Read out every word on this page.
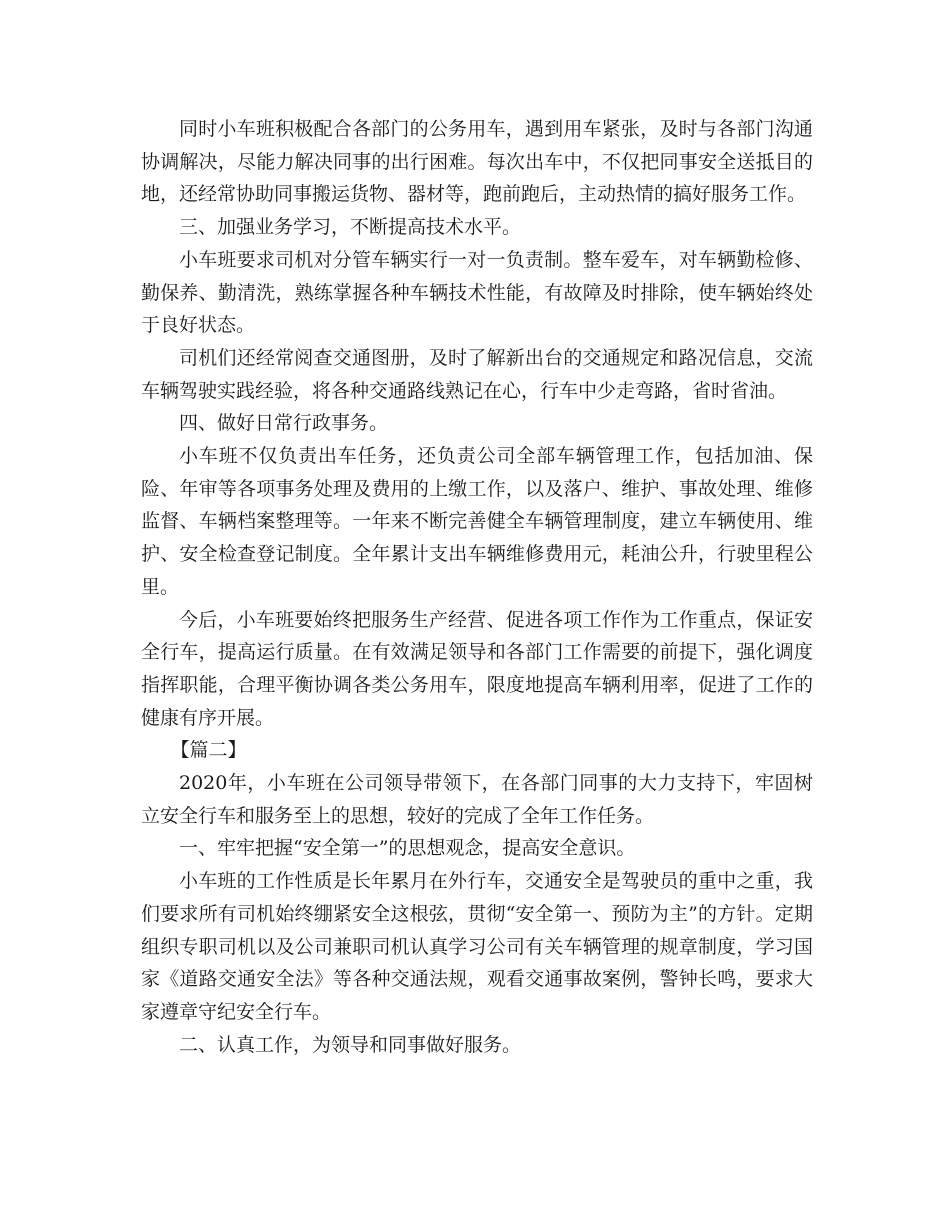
同时小车班积极配合各部门的公务用车，遇到用车紧张，及时与各部门沟通协调解决，尽能力解决同事的出行困难。每次出车中，不仅把同事安全送抵目的地，还经常协助同事搬运货物、器材等，跑前跑后，主动热情的搞好服务工作。

三、加强业务学习，不断提高技术水平。

小车班要求司机对分管车辆实行一对一负责制。整车爱车，对车辆勤检修、勤保养、勤清洗，熟练掌握各种车辆技术性能，有故障及时排除，使车辆始终处于良好状态。

司机们还经常阅查交通图册，及时了解新出台的交通规定和路况信息，交流车辆驾驶实践经验，将各种交通路线熟记在心，行车中少走弯路，省时省油。

四、做好日常行政事务。

小车班不仅负责出车任务，还负责公司全部车辆管理工作，包括加油、保险、年审等各项事务处理及费用的上缴工作，以及落户、维护、事故处理、维修监督、车辆档案整理等。一年来不断完善健全车辆管理制度，建立车辆使用、维护、安全检查登记制度。全年累计支出车辆维修费用元，耗油公升，行驶里程公里。

今后，小车班要始终把服务生产经营、促进各项工作作为工作重点，保证安全行车，提高运行质量。在有效满足领导和各部门工作需要的前提下，强化调度指挥职能，合理平衡协调各类公务用车，限度地提高车辆利用率，促进了工作的健康有序开展。

【篇二】

2020年，小车班在公司领导带领下，在各部门同事的大力支持下，牢固树立安全行车和服务至上的思想，较好的完成了全年工作任务。

一、牢牢把握“安全第一”的思想观念，提高安全意识。

小车班的工作性质是长年累月在外行车，交通安全是驾驶员的重中之重，我们要求所有司机始终绷紧安全这根弦，贯彻“安全第一、预防为主”的方针。定期组织专职司机以及公司兼职司机认真学习公司有关车辆管理的规章制度，学习国家《道路交通安全法》等各种交通法规，观看交通事故案例，警钟长鸣，要求大家遵章守纪安全行车。

二、认真工作，为领导和同事做好服务。
